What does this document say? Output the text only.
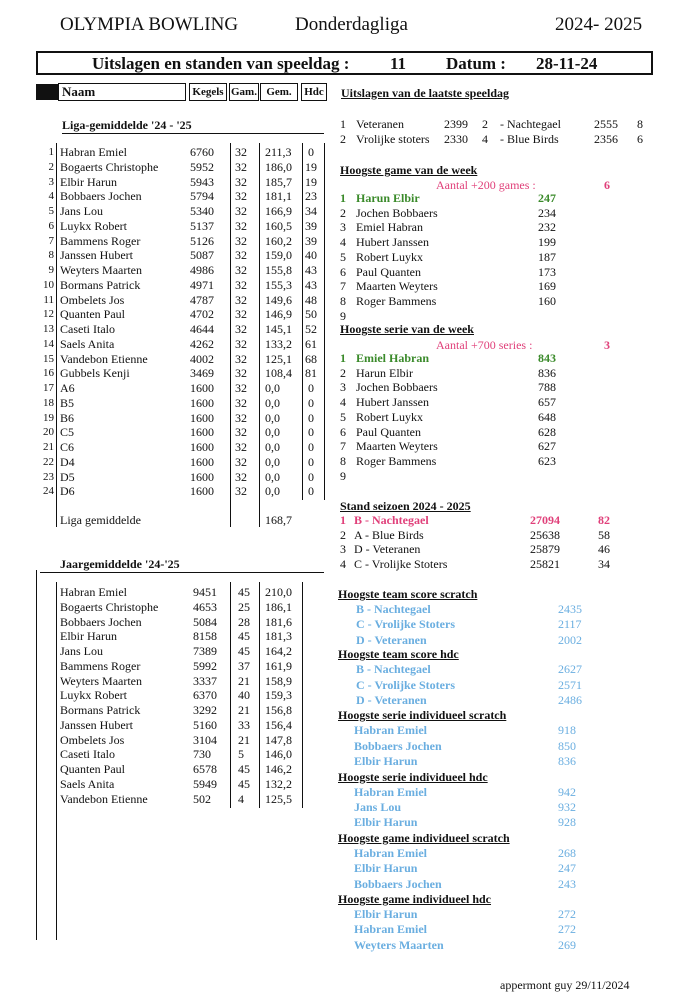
OLYMPIA BOWLING	Donderdagliga	2024- 2025
Uitslagen en standen van speeldag : 11 Datum : 28-11-24
Naam	Kegels Gam. Gem.	Hdc
Liga-gemiddelde '24 - '25
1 Habran Emiel	6760	32	211,3	0
2 Bogaerts Christophe	5952	32	186,0	19
3 Elbir Harun	5943	32	185,7	19
4 Bobbaers Jochen	5794	32	181,1	23
5 Jans Lou	5340	32	166,9	34
6 Luykx Robert	5137	32	160,5	39
7 Bammens Roger	5126	32	160,2	39
8 Janssen Hubert	5087	32	159,0	40
9 Weyters Maarten	4986	32	155,8	43
10 Bormans Patrick	4971	32	155,3	43
11 Ombelets Jos	4787	32	149,6	48
12 Quanten Paul	4702	32	146,9	50
13 Caseti Italo	4644	32	145,1	52
14 Saels Anita	4262	32	133,2	61
15 Vandebon Etienne	4002	32	125,1	68
16 Gubbels Kenji	3469	32	108,4	81
17 A6	1600	32	0,0	0
18 B5	1600	32	0,0	0
19 B6	1600	32	0,0	0
20 C5	1600	32	0,0	0
21 C6	1600	32	0,0	0
22 D4	1600	32	0,0	0
23 D5	1600	32	0,0	0
24 D6	1600	32	0,0	0
Liga gemiddelde	168,7
Jaargemiddelde '24-'25
Habran Emiel	9451	45	210,0
Bogaerts Christophe	4653	25	186,1
Bobbaers Jochen	5084	28	181,6
Elbir Harun	8158	45	181,3
Jans Lou	7389	45	164,2
Bammens Roger	5992	37	161,9
Weyters Maarten	3337	21	158,9
Luykx Robert	6370	40	159,3
Bormans Patrick	3292	21	156,8
Janssen Hubert	5160	33	156,4
Ombelets Jos	3104	21	147,8
Caseti Italo	730	5	146,0
Quanten Paul	6578	45	146,2
Saels Anita	5949	45	132,2
Vandebon Etienne	502	4	125,5
Uitslagen van de laatste speeldag
1 Veteranen	2399 2 - Nachtegael	2555 8
2 Vrolijke stoters 2330 4 - Blue Birds	2356 6
Hoogste game van de week
Aantal +200 games :	6
1 Harun Elbir	247
2 Jochen Bobbaers	234
3 Emiel Habran	232
4 Hubert Janssen	199
5 Robert Luykx	187
6 Paul Quanten	173
7 Maarten Weyters	169
8 Roger Bammens	160
9
Hoogste serie van de week
Aantal +700 series :	3
1 Emiel Habran	843
2 Harun Elbir	836
3 Jochen Bobbaers	788
4 Hubert Janssen	657
5 Robert Luykx	648
6 Paul Quanten	628
7 Maarten Weyters	627
8 Roger Bammens	623
9
Stand seizoen 2024 - 2025
1 B - Nachtegael	27094	82
2 A - Blue Birds	25638	58
3 D - Veteranen	25879	46
4 C - Vrolijke Stoters	25821	34
Hoogste team score scratch
B - Nachtegael	2435
C - Vrolijke Stoters	2117
D - Veteranen	2002
Hoogste team score hdc
B - Nachtegael	2627
C - Vrolijke Stoters	2571
D - Veteranen	2486
Hoogste serie individueel scratch
Habran Emiel	918
Bobbaers Jochen	850
Elbir Harun	836
Hoogste serie individueel hdc
Habran Emiel	942
Jans Lou	932
Elbir Harun	928
Hoogste game individueel scratch
Habran Emiel	268
Elbir Harun	247
Bobbaers Jochen	243
Hoogste game individueel hdc
Elbir Harun	272
Habran Emiel	272
Weyters Maarten	269
appermont guy 29/11/2024
